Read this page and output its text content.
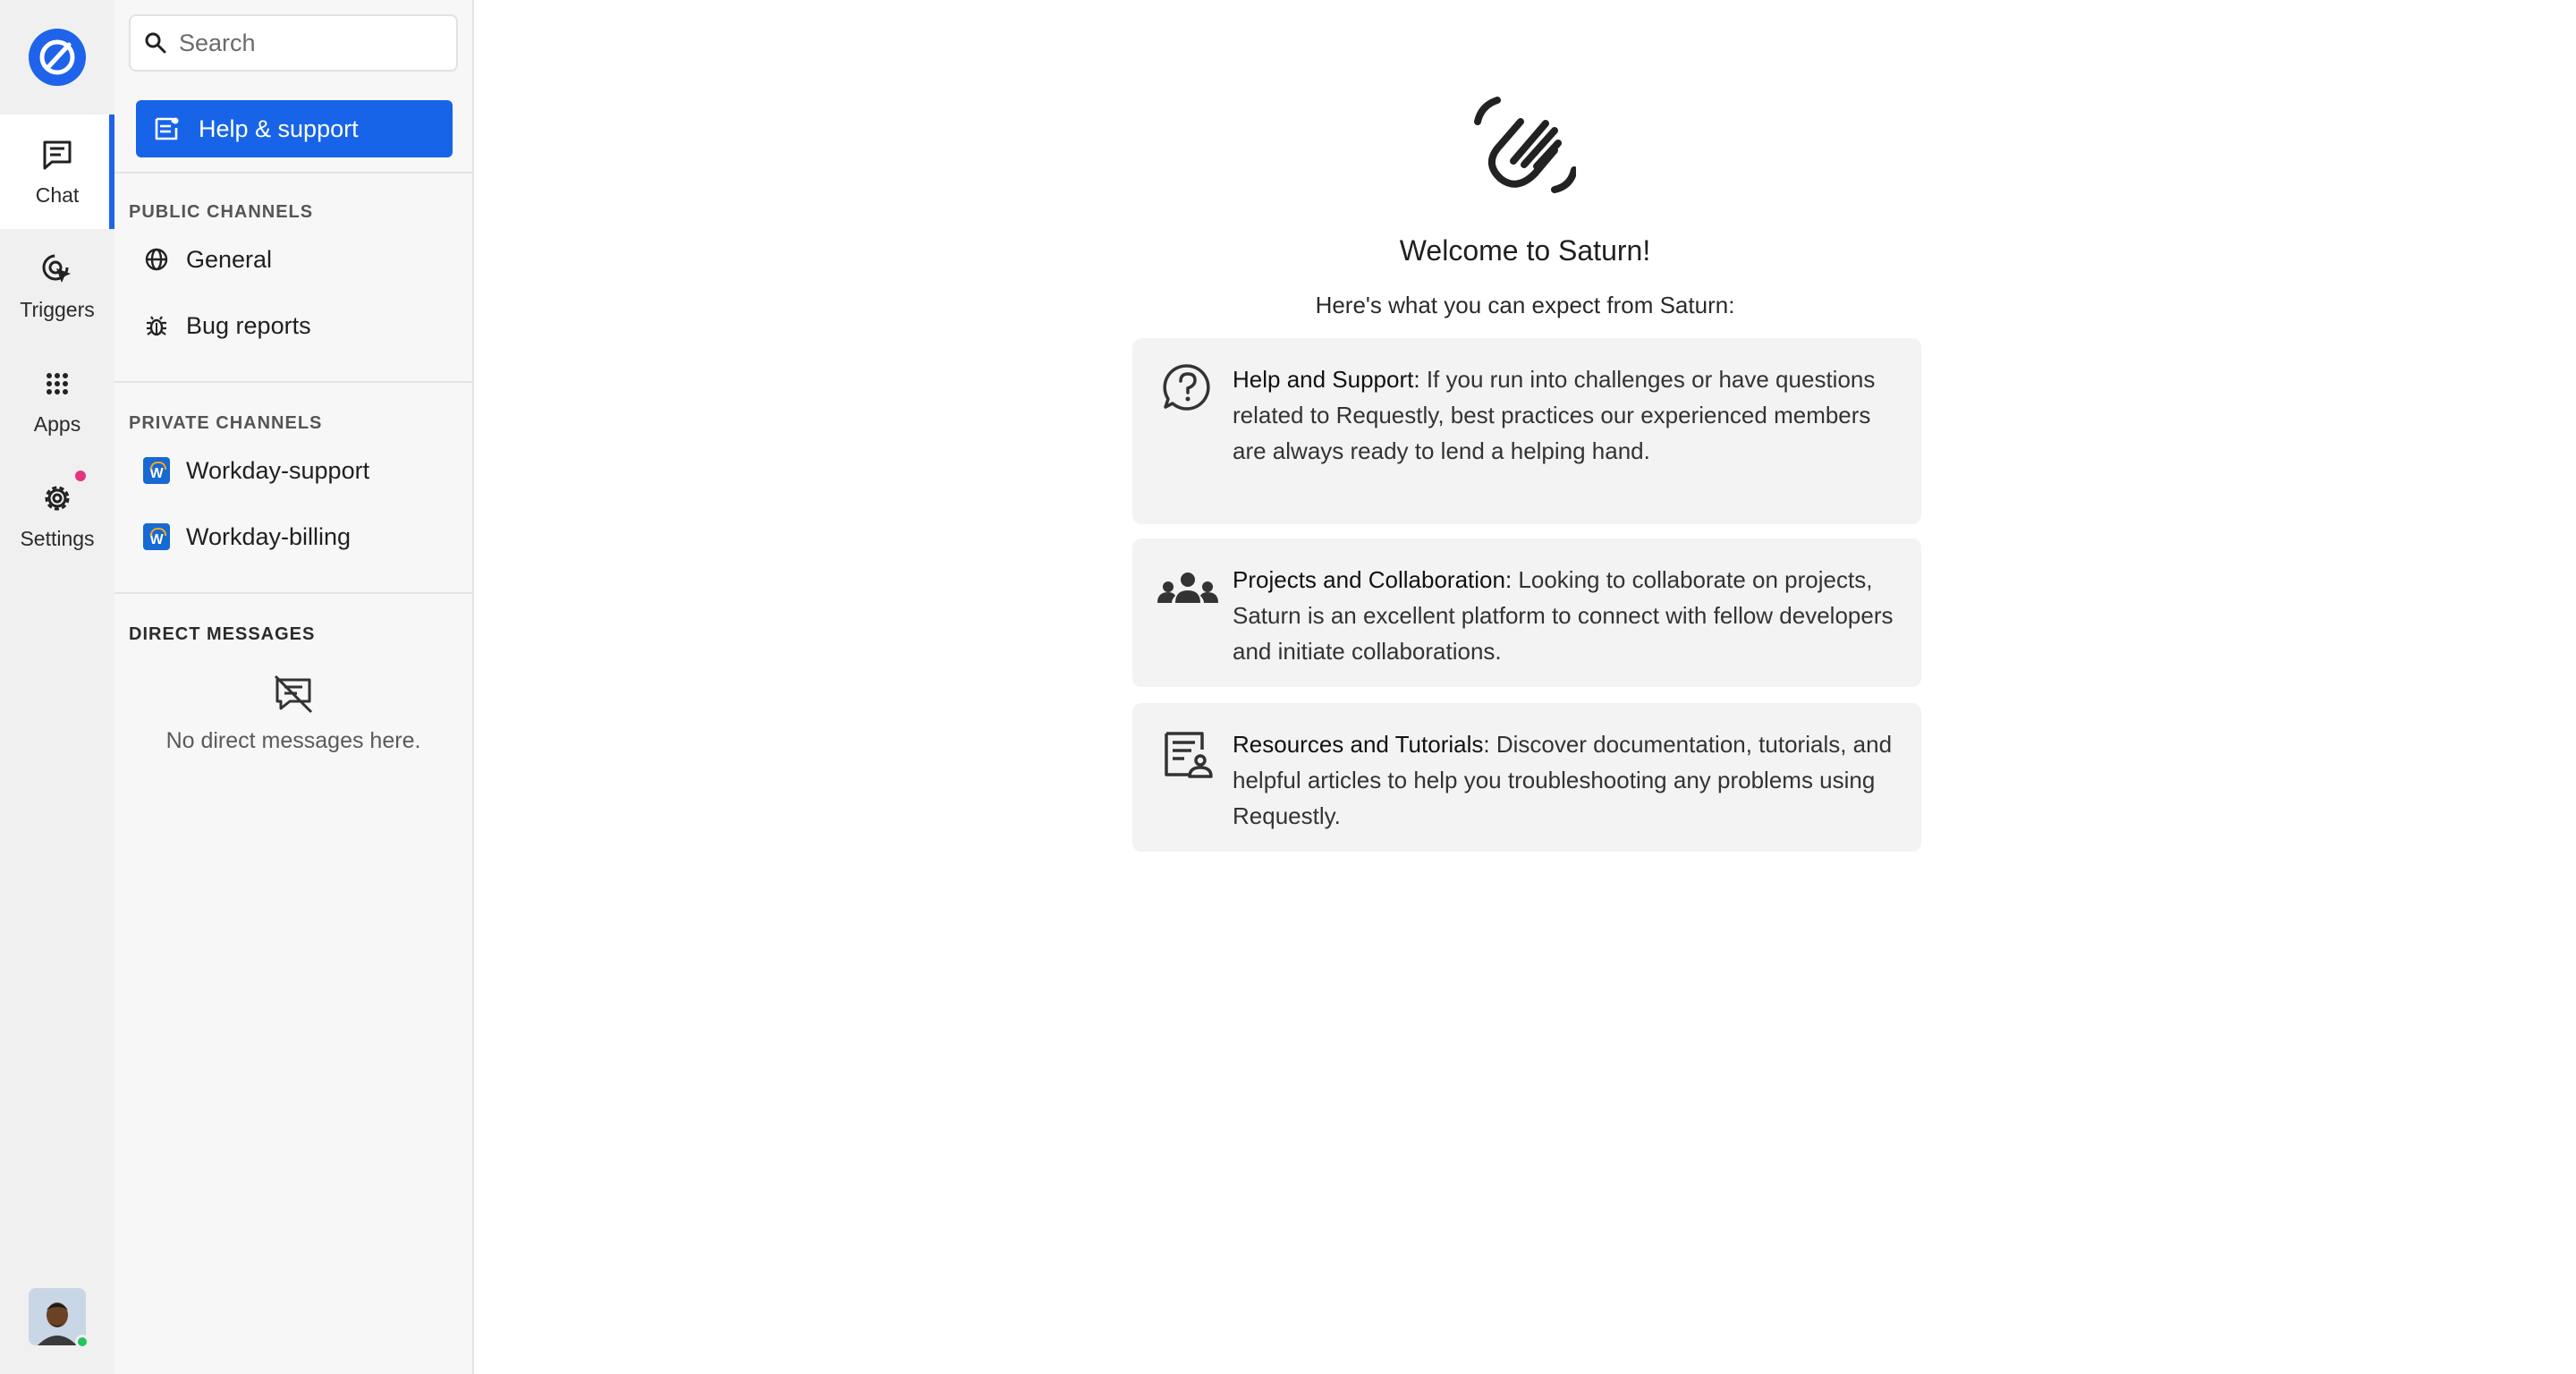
Chat
Triggers
Apps
Settings
Search
Help & support
PUBLIC CHANNELS
General
Bug reports
PRIVATE CHANNELS
W Workday-support
W Workday-billing
DIRECT MESSAGES
No direct messages here.
Welcome to Saturn!
Here's what you can expect from Saturn:

Help and Support: If you run into challenges or have questions related to Requestly, best practices our experienced members are always ready to lend a helping hand.

Projects and Collaboration: Looking to collaborate on projects, Saturn is an excellent platform to connect with fellow developers and initiate collaborations.

Resources and Tutorials: Discover documentation, tutorials, and helpful articles to help you troubleshooting any problems using Requestly.
